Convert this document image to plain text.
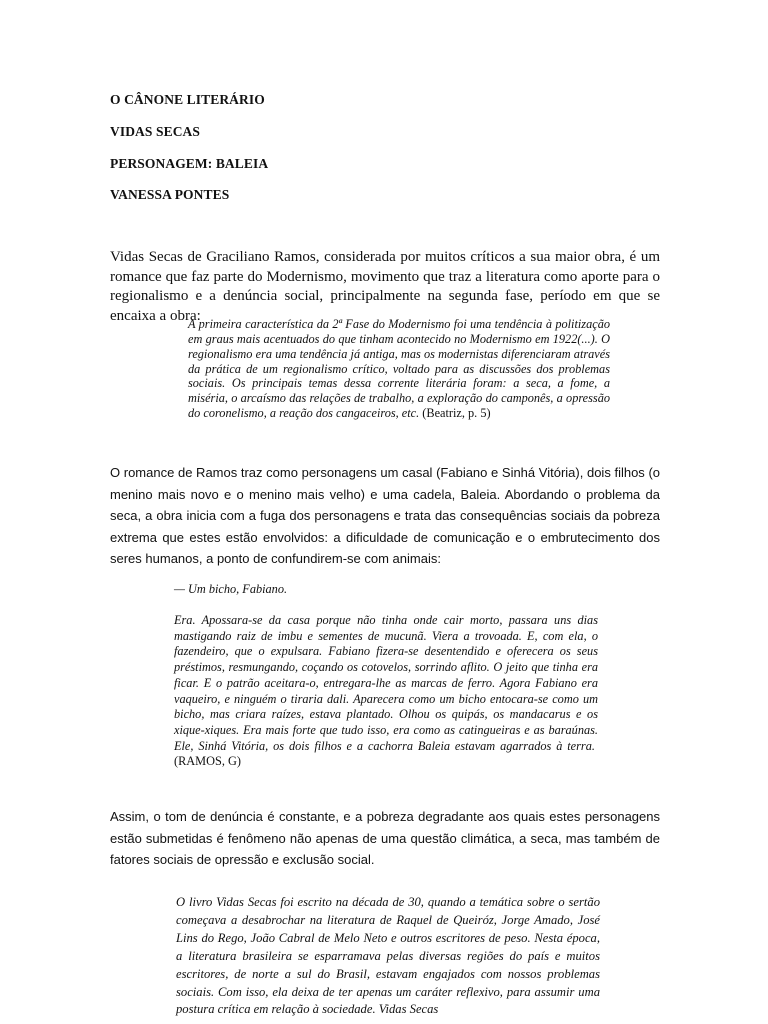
O CÂNONE LITERÁRIO

VIDAS SECAS

PERSONAGEM: BALEIA

VANESSA PONTES

Vidas Secas de Graciliano Ramos, considerada por muitos críticos a sua maior obra, é um romance que faz parte do Modernismo, movimento que traz a literatura como aporte para o regionalismo e a denúncia social, principalmente na segunda fase, período em que se encaixa a obra:

A primeira característica da 2ª Fase do Modernismo foi uma tendência à politização em graus mais acentuados do que tinham acontecido no Modernismo em 1922(...). O regionalismo era uma tendência já antiga, mas os modernistas diferenciaram através da prática de um regionalismo crítico, voltado para as discussões dos problemas sociais. Os principais temas dessa corrente literária foram: a seca, a fome, a miséria, o arcaísmo das relações de trabalho, a exploração do camponês, a opressão do coronelismo, a reação dos cangaceiros, etc. (Beatriz, p. 5)

O romance de Ramos traz como personagens um casal (Fabiano e Sinhá Vitória), dois filhos (o menino mais novo e o menino mais velho) e uma cadela, Baleia. Abordando o problema da seca, a obra inicia com a fuga dos personagens e trata das consequências sociais da pobreza extrema que estes estão envolvidos: a dificuldade de comunicação e o embrutecimento dos seres humanos, a ponto de confundirem-se com animais:

— Um bicho, Fabiano.

Era. Apossara-se da casa porque não tinha onde cair morto, passara uns dias mastigando raiz de imbu e sementes de mucunã. Viera a trovoada. E, com ela, o fazendeiro, que o expulsara. Fabiano fizera-se desentendido e oferecera os seus préstimos, resmungando, coçando os cotovelos, sorrindo aflito. O jeito que tinha era ficar. E o patrão aceitara-o, entregara-lhe as marcas de ferro. Agora Fabiano era vaqueiro, e ninguém o tiraria dali. Aparecera como um bicho entocara-se como um bicho, mas criara raízes, estava plantado. Olhou os quipás, os mandacarus e os xique-xiques. Era mais forte que tudo isso, era como as catingueiras e as baraúnas. Ele, Sinhá Vitória, os dois filhos e a cachorra Baleia estavam agarrados à terra.  (RAMOS, G)

Assim, o tom de denúncia é constante, e a pobreza degradante aos quais estes personagens estão submetidas é fenômeno não apenas de uma questão climática, a seca, mas também de fatores sociais de opressão e exclusão social.

O livro Vidas Secas foi escrito na década de 30, quando a temática sobre o sertão começava a desabrochar na literatura de Raquel de Queiróz, Jorge Amado, José Lins do Rego, João Cabral de Melo Neto e outros escritores de peso. Nesta época, a literatura brasileira se esparramava pelas diversas regiões do país e muitos escritores, de norte a sul do Brasil, estavam engajados com nossos problemas sociais. Com isso, ela deixa de ter apenas um caráter reflexivo, para assumir uma postura crítica em relação à sociedade. Vidas Secas
